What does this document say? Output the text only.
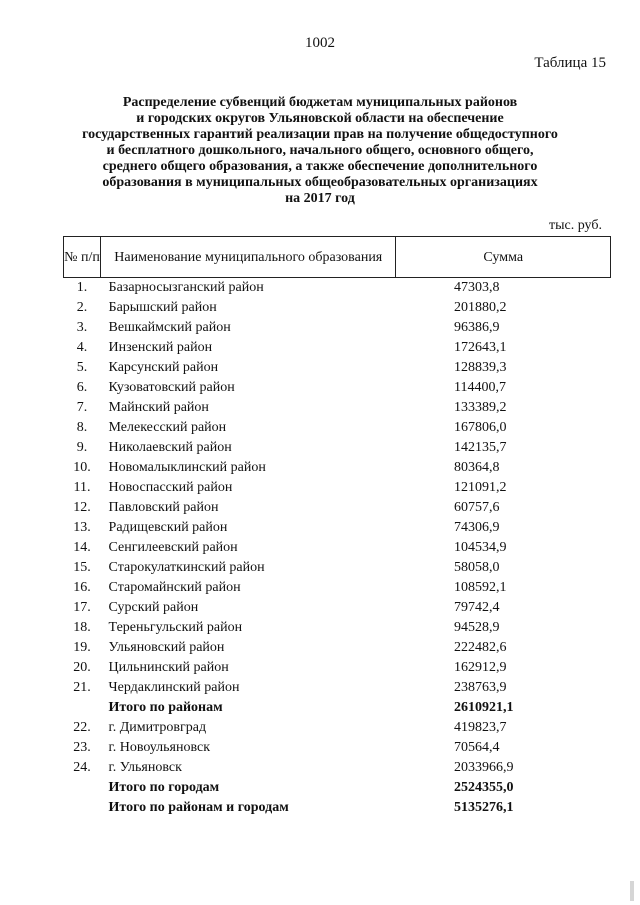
1002
Таблица 15
Распределение субвенций бюджетам муниципальных районов
и городских округов Ульяновской области на обеспечение
государственных гарантий реализации прав на получение общедоступного
и бесплатного дошкольного, начального общего, основного общего,
среднего общего образования, а также обеспечение дополнительного
образования в муниципальных общеобразовательных организациях
на 2017 год
тыс. руб.
№ п/п	Наименование муниципального образования	Сумма
1.	Базарносызганский район	47303,8
2.	Барышский район	201880,2
3.	Вешкаймский район	96386,9
4.	Инзенский район	172643,1
5.	Карсунский район	128839,3
6.	Кузоватовский район	114400,7
7.	Майнский район	133389,2
8.	Мелекесский район	167806,0
9.	Николаевский район	142135,7
10.	Новомалыклинский район	80364,8
11.	Новоспасский район	121091,2
12.	Павловский район	60757,6
13.	Радищевский район	74306,9
14.	Сенгилеевский район	104534,9
15.	Старокулаткинский район	58058,0
16.	Старомайнский район	108592,1
17.	Сурский район	79742,4
18.	Тереньгульский район	94528,9
19.	Ульяновский район	222482,6
20.	Цильнинский район	162912,9
21.	Чердаклинский район	238763,9
	Итого по районам	2610921,1
22.	г. Димитровград	419823,7
23.	г. Новоульяновск	70564,4
24.	г. Ульяновск	2033966,9
	Итого по городам	2524355,0
	Итого по районам и городам	5135276,1
